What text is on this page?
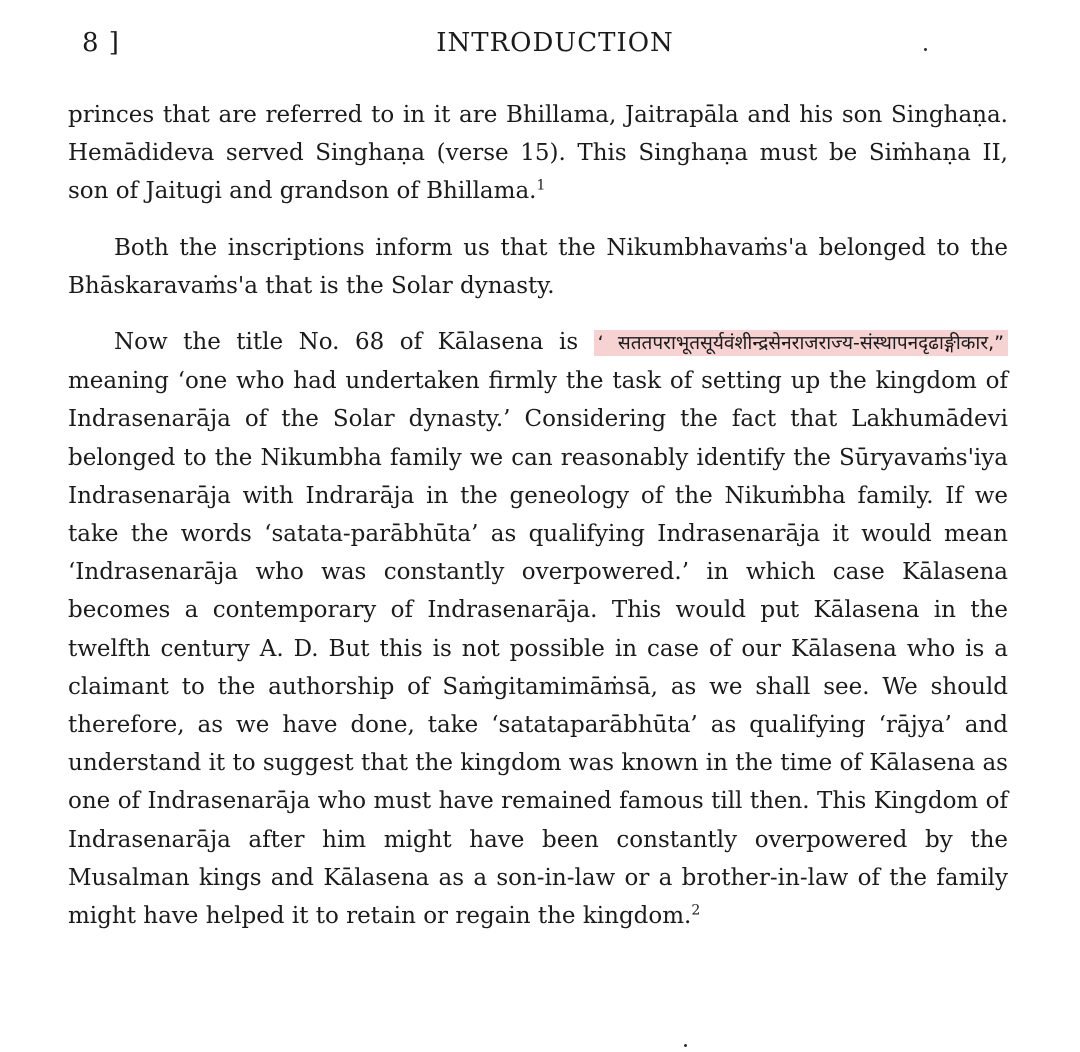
8 ]	INTRODUCTION

princes that are referred to in it are Bhillama, Jaitrapāla and his son Singhaṇa. Hemādideva served Singhaṇa (verse 15). This Singhaṇa must be Siṁhaṇa II, son of Jaitugi and grandson of Bhillama.$^1$

Both the inscriptions inform us that the Nikumbhavaṁs'a belonged to the Bhāskaravaṁs'a that is the Solar dynasty.

Now the title No. 68 of Kālasena is ‘ सततपराभूतसूर्यवंशीन्द्रसेनराजराज्य-संस्थापनदृढाङ्गीकार,” meaning ‘one who had undertaken firmly the task of setting up the kingdom of Indrasenarāja of the Solar dynasty.’ Considering the fact that Lakhumādevi belonged to the Nikumbha family we can reasonably identify the Sūryavaṁs'iya Indrasenarāja with Indrarāja in the geneology of the Nikuṁbha family. If we take the words ‘satata-parābhūta’ as qualifying Indrasenarāja it would mean ‘Indrasenarāja who was constantly overpowered.’ in which case Kālasena becomes a contemporary of Indrasenarāja. This would put Kālasena in the twelfth century A. D. But this is not possible in case of our Kālasena who is a claimant to the authorship of Saṁgitamimāṁsā, as we shall see. We should therefore, as we have done, take ‘satataparābhūta’ as qualifying ‘rājya’ and understand it to suggest that the kingdom was known in the time of Kālasena as one of Indrasenarāja who must have remained famous till then. This Kingdom of Indrasenarāja after him might have been constantly overpowered by the Musalman kings and Kālasena as a son-in-law or a brother-in-law of the family might have helped it to retain or regain the kingdom.$^2$
